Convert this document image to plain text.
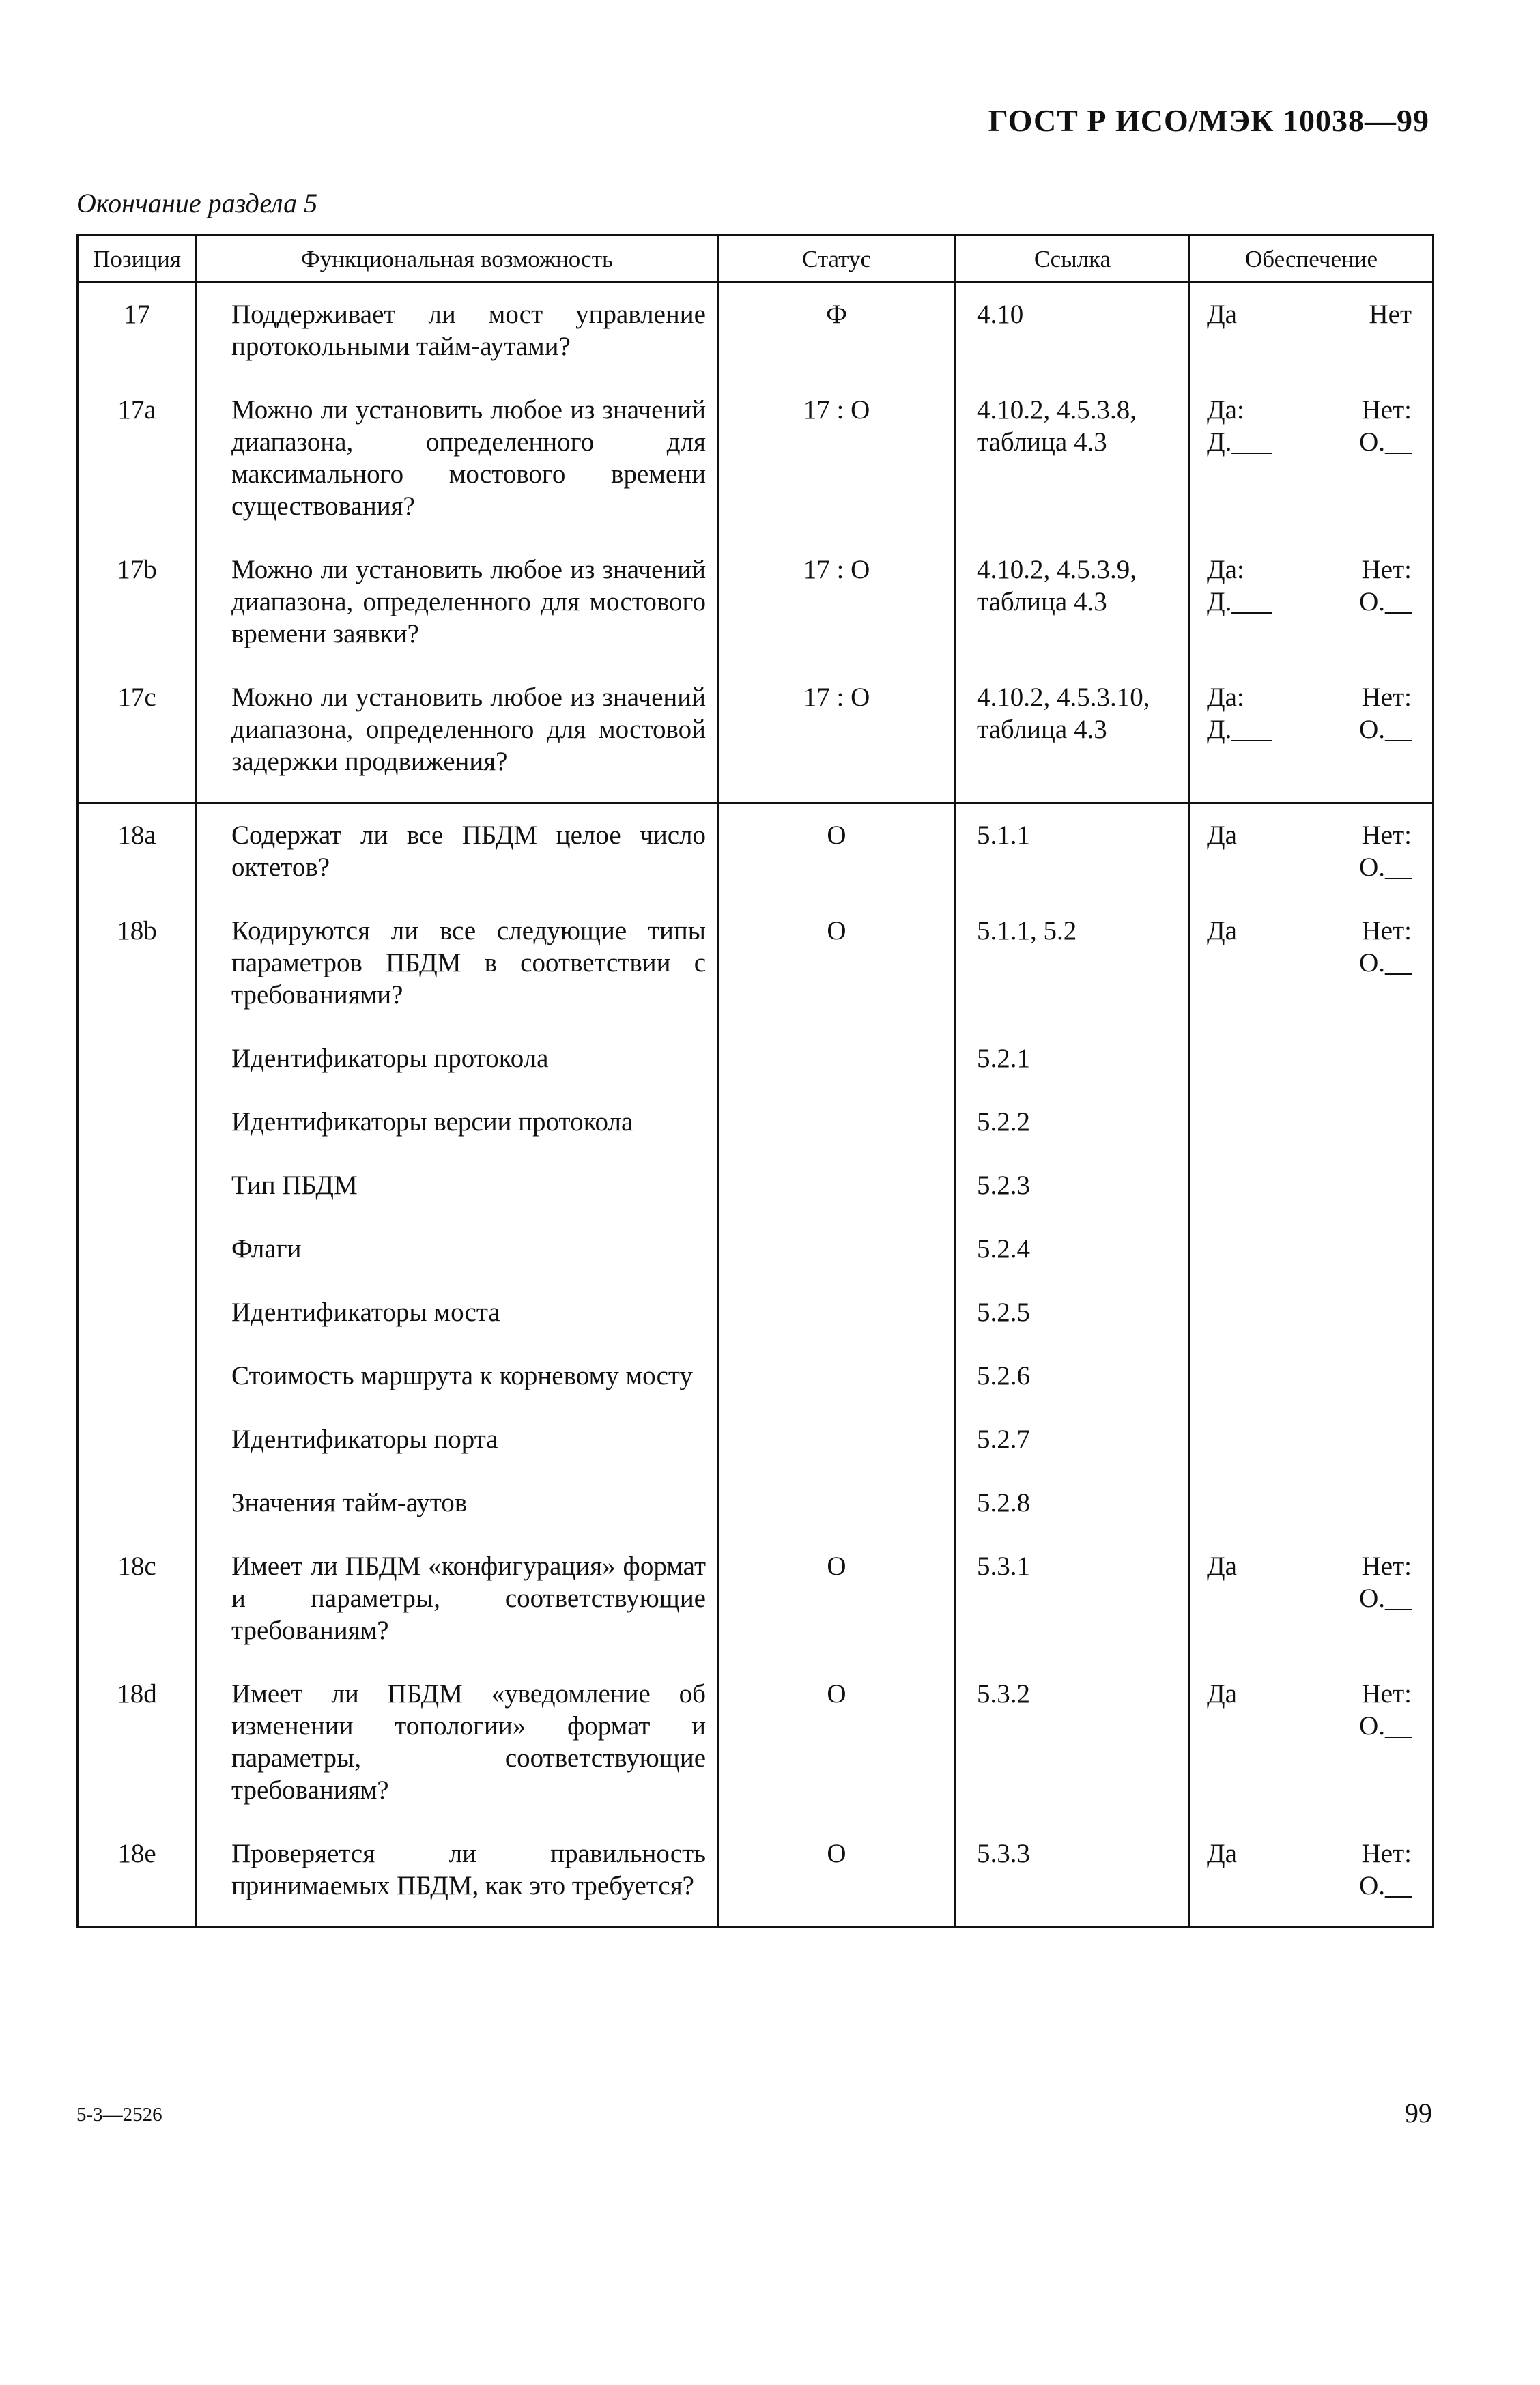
ГОСТ Р ИСО/МЭК 10038—99
Окончание раздела 5
Позиция	Функциональная возможность	Статус	Ссылка	Обеспечение

17	Поддерживает ли мост управление протокольными тайм-аутами?	Ф	4.10	Да Нет

17a	Можно ли установить любое из значений диапазона, определенного для максимального мостового времени существования?	17 : О	4.10.2, 4.5.3.8, таблица 4.3	Да: Нет:
Д.___ О.__

17b	Можно ли установить любое из значений диапазона, определенного для мостового времени заявки?	17 : О	4.10.2, 4.5.3.9, таблица 4.3	Да: Нет:
Д.___ О.__

17c	Можно ли установить любое из значений диапазона, определенного для мостовой задержки продвижения?	17 : О	4.10.2, 4.5.3.10, таблица 4.3	Да: Нет:
Д.___ О.__

18a	Содержат ли все ПБДМ целое число октетов?	О	5.1.1	Да Нет:
О.__

18b	Кодируются ли все следующие типы параметров ПБДМ в соответствии с требованиями?	О	5.1.1, 5.2	Да Нет:
О.__

	Идентификаторы протокола		5.2.1	

	Идентификаторы версии протокола		5.2.2	

	Тип ПБДМ		5.2.3	

	Флаги		5.2.4	

	Идентификаторы моста		5.2.5	

	Стоимость маршрута к корневому мосту		5.2.6	

	Идентификаторы порта		5.2.7	

	Значения тайм-аутов		5.2.8	

18c	Имеет ли ПБДМ «конфигурация» формат и параметры, соответствующие требованиям?	О	5.3.1	Да Нет:
О.__

18d	Имеет ли ПБДМ «уведомление об изменении топологии» формат и параметры, соответствующие требованиям?	О	5.3.2	Да Нет:
О.__

18e	Проверяется ли правильность принимаемых ПБДМ, как это требуется?	О	5.3.3	Да Нет:
О.__
5-3—2526	99
